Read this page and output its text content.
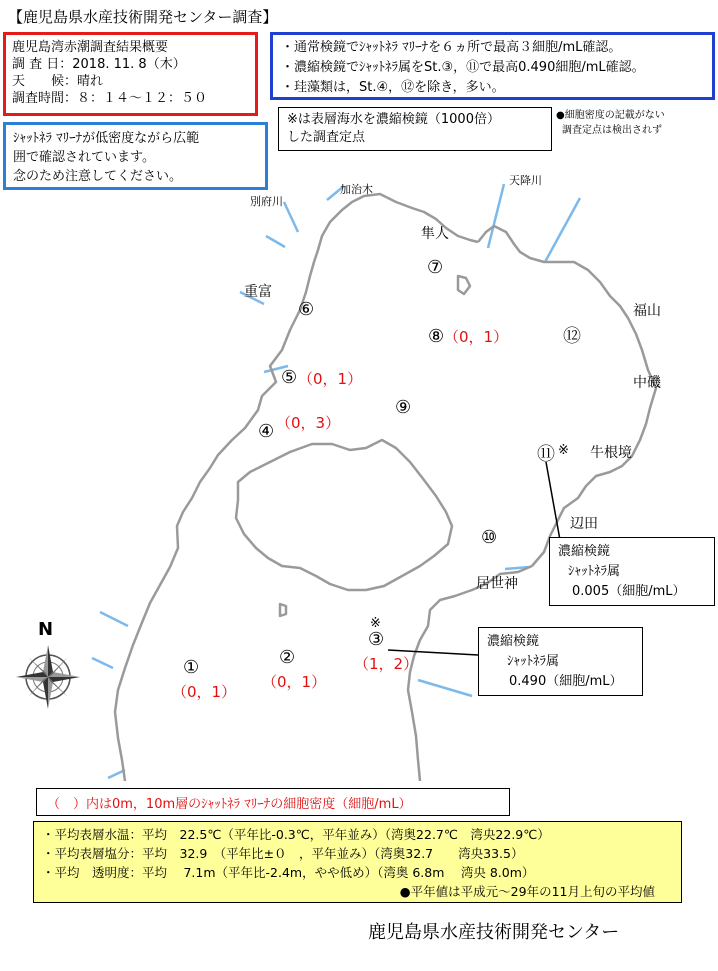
【鹿児島県水産技術開発センター調査】
鹿児島湾赤潮調査結果概要
調 査 日：2018. 11. 8（木）
天　　候：晴れ
調査時間：８：１４～１２：５０
・通常検鏡でｼｬｯﾄﾈﾗ ﾏﾘｰﾅを６ヵ所で最高３細胞/mL確認。
・濃縮検鏡でｼｬｯﾄﾈﾗ属をSt.③，⑪で最高0.490細胞/mL確認。
・珪藻類は，St.④，⑫を除き，多い。
※は表層海水を濃縮検鏡（1000倍）
した調査定点
●細胞密度の記載がない
調査定点は検出されず
ｼｬｯﾄﾈﾗ ﾏﾘｰﾅが低密度ながら広範
囲で確認されています。
念のため注意してください。
別府川
加治木
天降川
隼人
重富
福山
中磯
牛根境
辺田
居世神
①
（0，1）
②
（0，1）
※
③
（1，2）
④ （0，3）
⑤ （0，1）
⑥
⑦
⑧ （0，1）
⑨
⑩
⑪ ※
⑫
濃縮検鏡
ｼｬｯﾄﾈﾗ属
0.005（細胞/mL）
濃縮検鏡
ｼｬｯﾄﾈﾗ属
0.490（細胞/mL）
N
（　）内は0m，10m層のｼｬｯﾄﾈﾗ ﾏﾘｰﾅの細胞密度（細胞/mL）
・平均表層水温：平均　22.5℃（平年比-0.3℃，平年並み）（湾奥22.7℃　湾央22.9℃）
・平均表層塩分：平均　32.9　（平年比±０　，平年並み）（湾奥32.7　　湾央33.5）
・平均　透明度：平均　 7.1m（平年比-2.4m，やや低め）（湾奥 6.8m　 湾央 8.0m）
●平年値は平成元～29年の11月上旬の平均値
鹿児島県水産技術開発センター
